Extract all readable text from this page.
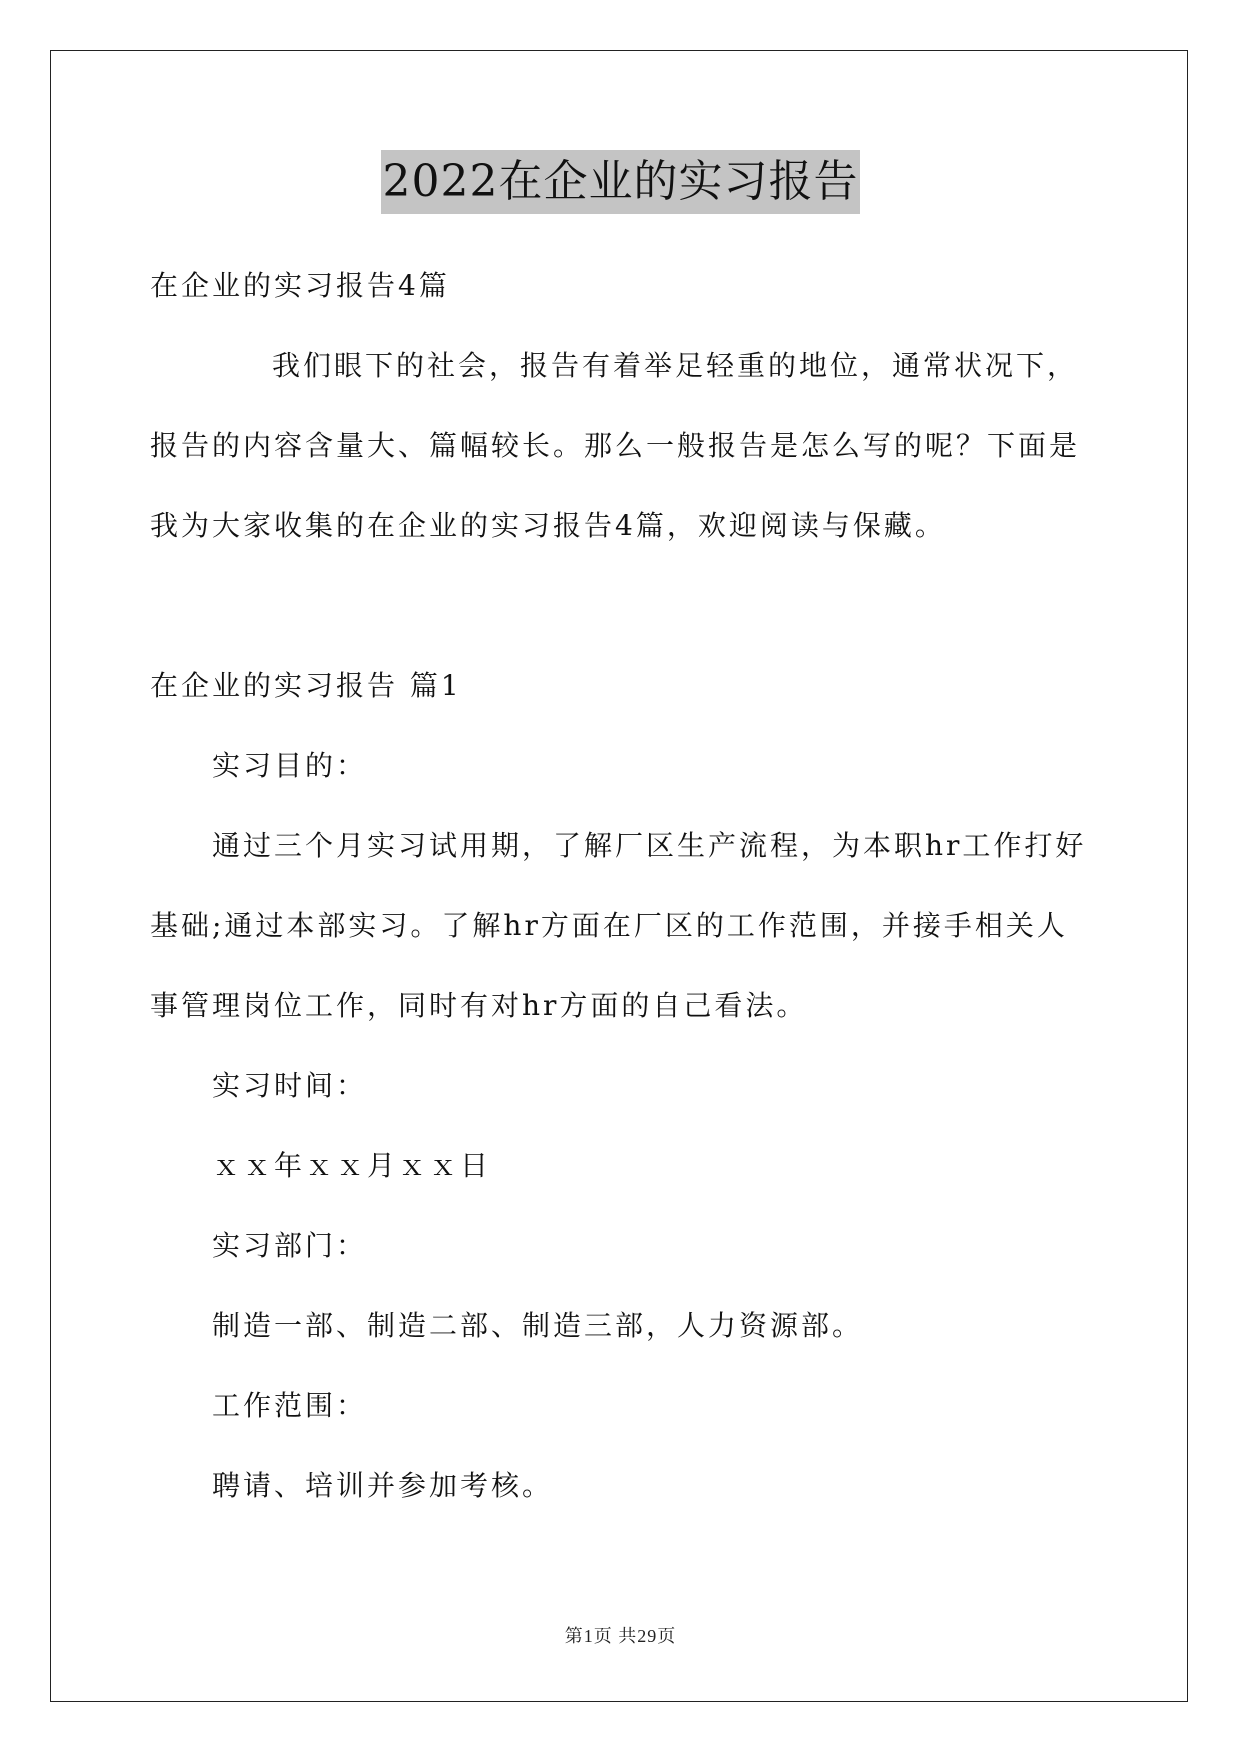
2022在企业的实习报告
在企业的实习报告4篇
我们眼下的社会，报告有着举足轻重的地位，通常状况下，
报告的内容含量大、篇幅较长。那么一般报告是怎么写的呢？下面是
我为大家收集的在企业的实习报告4篇，欢迎阅读与保藏。
在企业的实习报告 篇1
实习目的：
通过三个月实习试用期，了解厂区生产流程，为本职hr工作打好
基础;通过本部实习。了解hr方面在厂区的工作范围，并接手相关人
事管理岗位工作，同时有对hr方面的自己看法。
实习时间：
ｘｘ年ｘｘ月ｘｘ日
实习部门：
制造一部、制造二部、制造三部，人力资源部。
工作范围：
聘请、培训并参加考核。
第1页 共29页
